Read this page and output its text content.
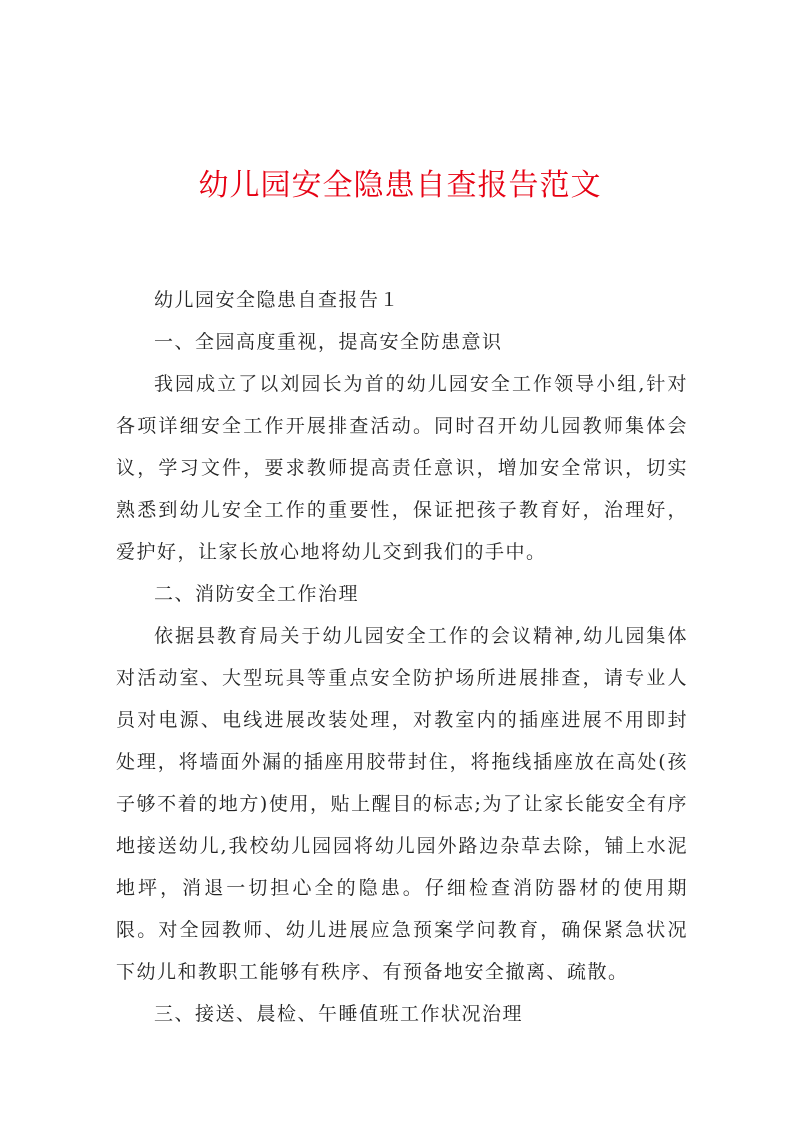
幼儿园安全隐患自查报告范文

幼儿园安全隐患自查报告１

一、全园高度重视，提高安全防患意识

我园成立了以刘园长为首的幼儿园安全工作领导小组,针对各项详细安全工作开展排查活动。同时召开幼儿园教师集体会议，学习文件，要求教师提高责任意识，增加安全常识，切实熟悉到幼儿安全工作的重要性，保证把孩子教育好，治理好，爱护好，让家长放心地将幼儿交到我们的手中。

二、消防安全工作治理

依据县教育局关于幼儿园安全工作的会议精神,幼儿园集体对活动室、大型玩具等重点安全防护场所进展排查，请专业人员对电源、电线进展改装处理，对教室内的插座进展不用即封处理，将墙面外漏的插座用胶带封住，将拖线插座放在高处(孩子够不着的地方)使用，贴上醒目的标志;为了让家长能安全有序地接送幼儿,我校幼儿园园将幼儿园外路边杂草去除，铺上水泥地坪，消退一切担心全的隐患。仔细检查消防器材的使用期限。对全园教师、幼儿进展应急预案学问教育，确保紧急状况下幼儿和教职工能够有秩序、有预备地安全撤离、疏散。

三、接送、晨检、午睡值班工作状况治理
